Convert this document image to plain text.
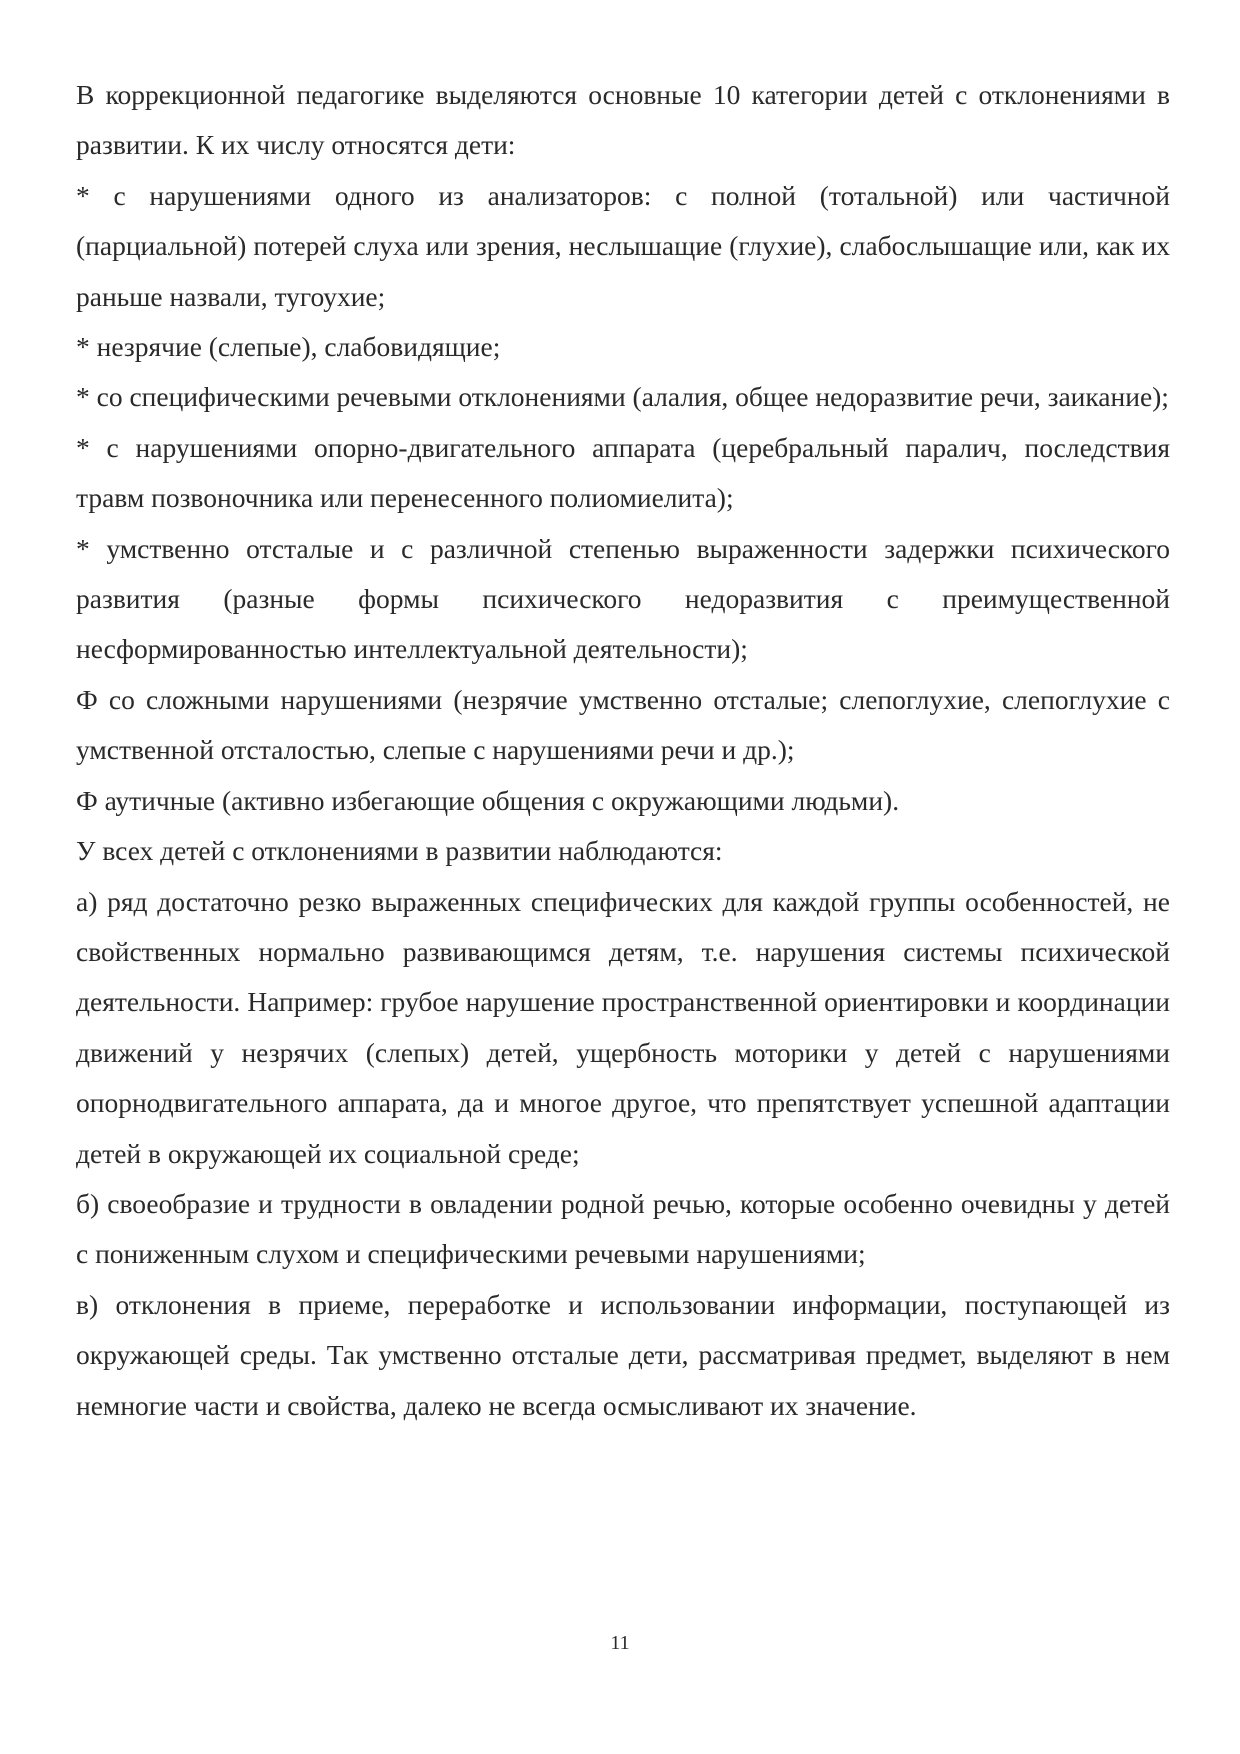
В коррекционной педагогике выделяются основные 10 категории детей с отклонениями в развитии. К их числу относятся дети:

* с нарушениями одного из анализаторов: с полной (тотальной) или частичной (парциальной) потерей слуха или зрения, неслышащие (глухие), слабослышащие или, как их раньше назвали, тугоухие;

* незрячие (слепые), слабовидящие;

* со специфическими речевыми отклонениями (алалия, общее недоразвитие речи, заикание);

* с нарушениями опорно-двигательного аппарата (церебральный паралич, последствия травм позвоночника или перенесенного полиомиелита);

* умственно отсталые и с различной степенью выраженности задержки психического развития (разные формы психического недоразвития с преимущественной несформированностью интеллектуальной деятельности);

Ф со сложными нарушениями (незрячие умственно отсталые; слепоглухие, слепоглухие с умственной отсталостью, слепые с нарушениями речи и др.);

Ф аутичные (активно избегающие общения с окружающими людьми).

У всех детей с отклонениями в развитии наблюдаются:

а) ряд достаточно резко выраженных специфических для каждой группы особенностей, не свойственных нормально развивающимся детям, т.е. нарушения системы психической деятельности. Например: грубое нарушение пространственной ориентировки и координации движений у незрячих (слепых) детей, ущербность моторики у детей с нарушениями опорнодвигательного аппарата, да и многое другое, что препятствует успешной адаптации детей в окружающей их социальной среде;

б) своеобразие и трудности в овладении родной речью, которые особенно очевидны у детей с пониженным слухом и специфическими речевыми нарушениями;

в) отклонения в приеме, переработке и использовании информации, поступающей из окружающей среды. Так умственно отсталые дети, рассматривая предмет, выделяют в нем немногие части и свойства, далеко не всегда осмысливают их значение.

11
